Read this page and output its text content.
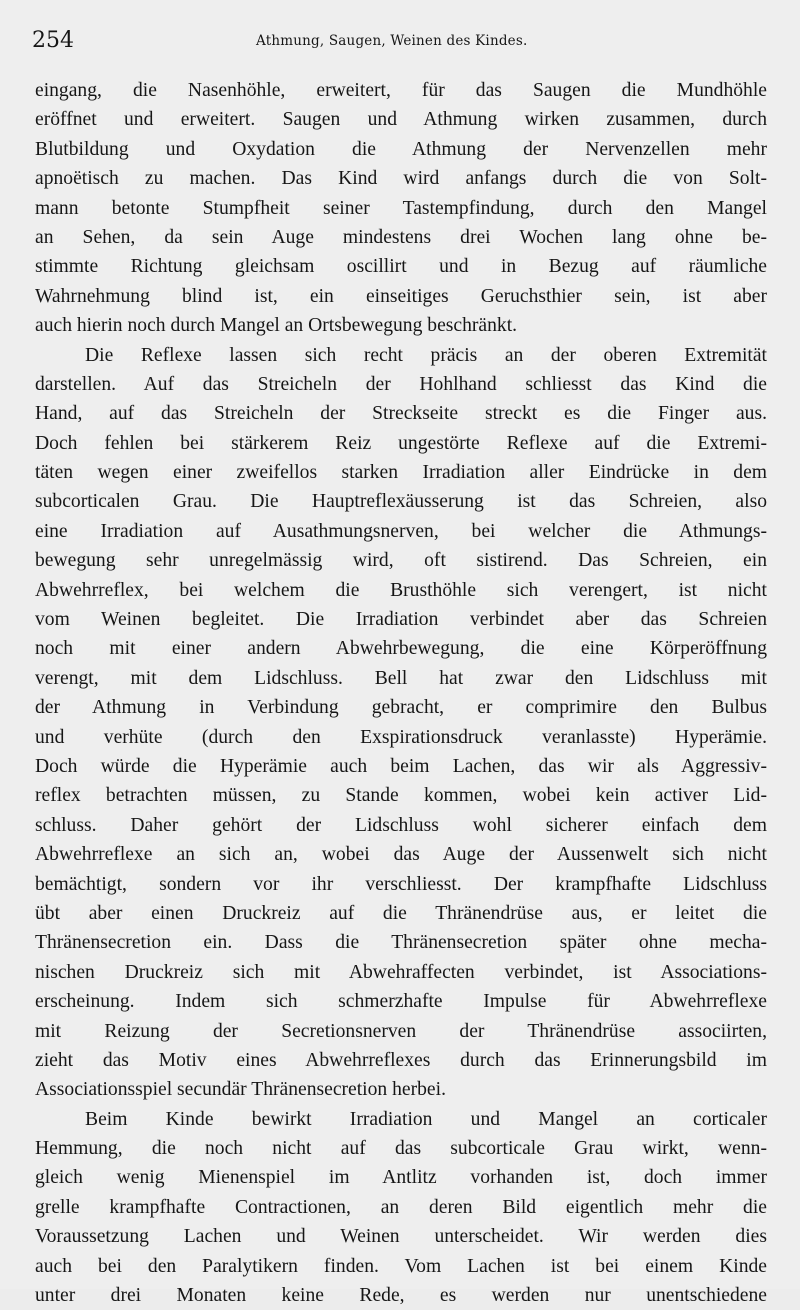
254	Athmung, Saugen, Weinen des Kindes.
eingang, die Nasenhöhle, erweitert, für das Saugen die Mundhöhle
eröffnet und erweitert. Saugen und Athmung wirken zusammen, durch
Blutbildung und Oxydation die Athmung der Nervenzellen mehr
apnoëtisch zu machen. Das Kind wird anfangs durch die von Solt-
mann betonte Stumpfheit seiner Tastempfindung, durch den Mangel
an Sehen, da sein Auge mindestens drei Wochen lang ohne be-
stimmte Richtung gleichsam oscillirt und in Bezug auf räumliche
Wahrnehmung blind ist, ein einseitiges Geruchsthier sein, ist aber
auch hierin noch durch Mangel an Ortsbewegung beschränkt.
Die Reflexe lassen sich recht präcis an der oberen Extremität
darstellen. Auf das Streicheln der Hohlhand schliesst das Kind die
Hand, auf das Streicheln der Streckseite streckt es die Finger aus.
Doch fehlen bei stärkerem Reiz ungestörte Reflexe auf die Extremi-
täten wegen einer zweifellos starken Irradiation aller Eindrücke in dem
subcorticalen Grau. Die Hauptreflexäusserung ist das Schreien, also
eine Irradiation auf Ausathmungsnerven, bei welcher die Athmungs-
bewegung sehr unregelmässig wird, oft sistirend. Das Schreien, ein
Abwehrreflex, bei welchem die Brusthöhle sich verengert, ist nicht
vom Weinen begleitet. Die Irradiation verbindet aber das Schreien
noch mit einer andern Abwehrbewegung, die eine Körperöffnung
verengt, mit dem Lidschluss. Bell hat zwar den Lidschluss mit
der Athmung in Verbindung gebracht, er comprimire den Bulbus
und verhüte (durch den Exspirationsdruck veranlasste) Hyperämie.
Doch würde die Hyperämie auch beim Lachen, das wir als Aggressiv-
reflex betrachten müssen, zu Stande kommen, wobei kein activer Lid-
schluss. Daher gehört der Lidschluss wohl sicherer einfach dem
Abwehrreflexe an sich an, wobei das Auge der Aussenwelt sich nicht
bemächtigt, sondern vor ihr verschliesst. Der krampfhafte Lidschluss
übt aber einen Druckreiz auf die Thränendrüse aus, er leitet die
Thränensecretion ein. Dass die Thränensecretion später ohne mecha-
nischen Druckreiz sich mit Abwehraffecten verbindet, ist Associations-
erscheinung. Indem sich schmerzhafte Impulse für Abwehrreflexe
mit Reizung der Secretionsnerven der Thränendrüse associirten,
zieht das Motiv eines Abwehrreflexes durch das Erinnerungsbild im
Associationsspiel secundär Thränensecretion herbei.
Beim Kinde bewirkt Irradiation und Mangel an corticaler
Hemmung, die noch nicht auf das subcorticale Grau wirkt, wenn-
gleich wenig Mienenspiel im Antlitz vorhanden ist, doch immer
grelle krampfhafte Contractionen, an deren Bild eigentlich mehr die
Voraussetzung Lachen und Weinen unterscheidet. Wir werden dies
auch bei den Paralytikern finden. Vom Lachen ist bei einem Kinde
unter drei Monaten keine Rede, es werden nur unentschiedene
